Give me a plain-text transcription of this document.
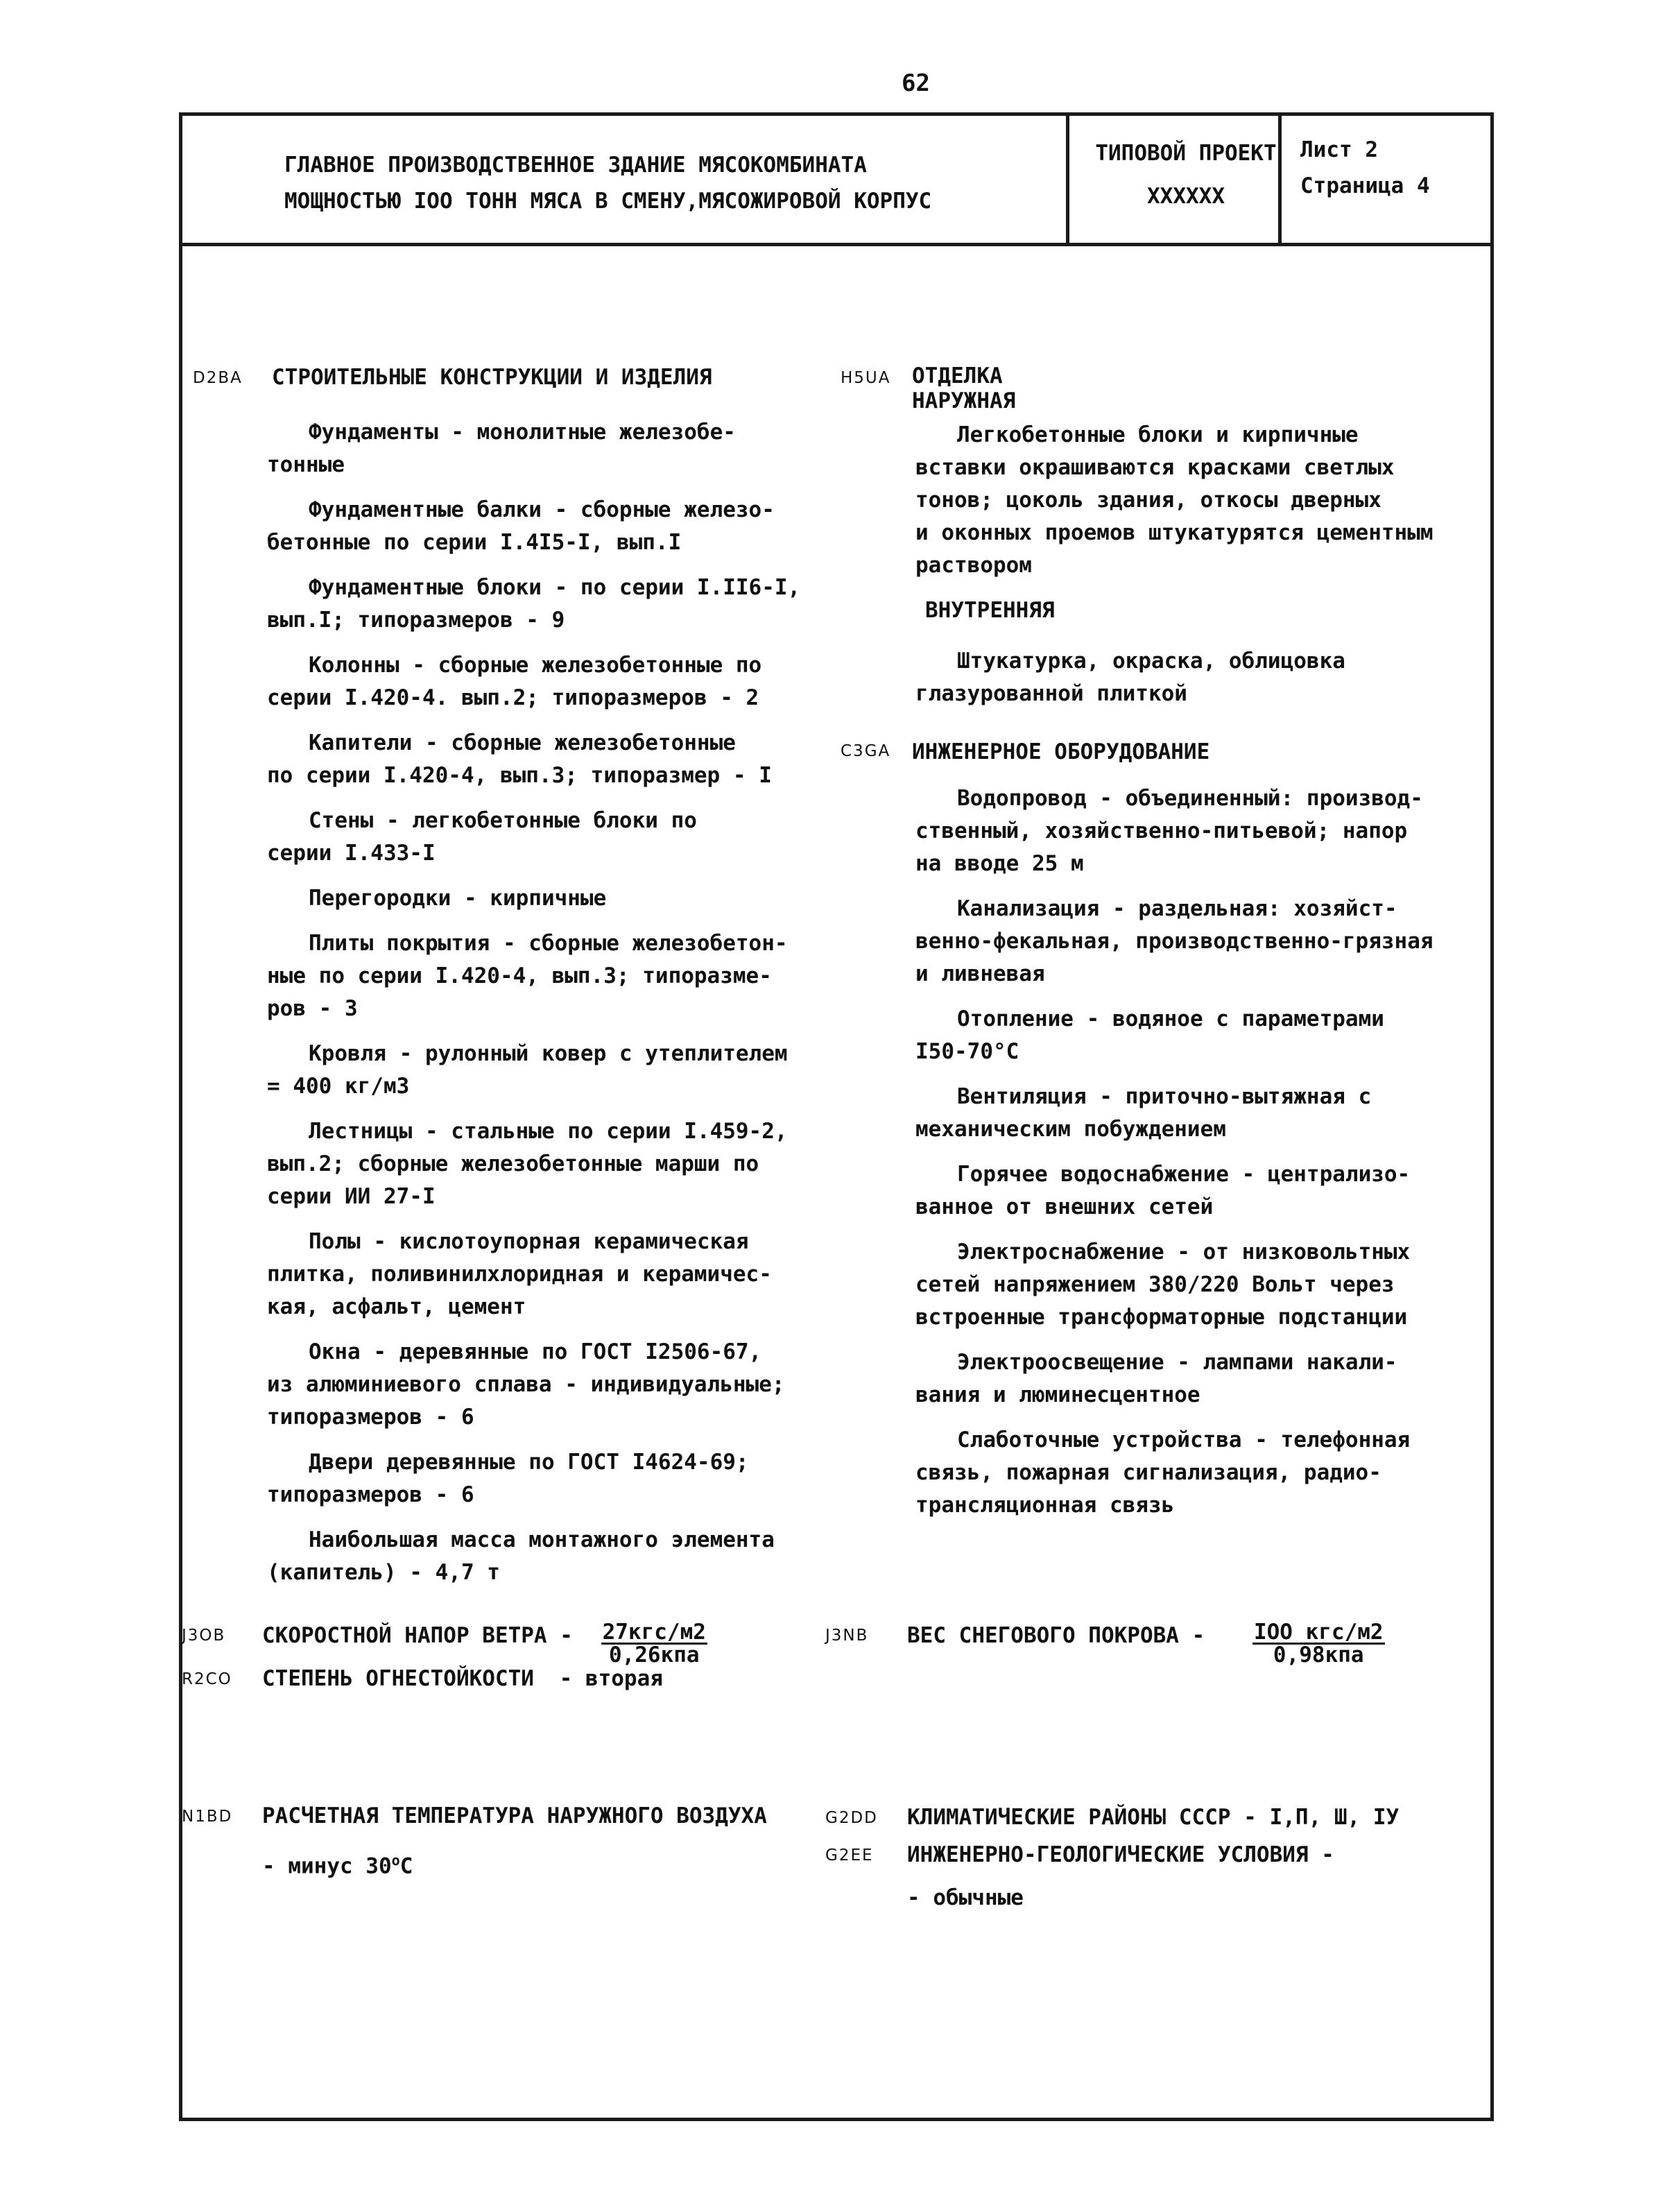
62
ГЛАВНОЕ ПРОИЗВОДСТВЕННОЕ ЗДАНИЕ МЯСОКОМБИНАТА
МОЩНОСТЬЮ IOO ТОНН МЯСА В СМЕНУ,МЯСОЖИРОВОЙ КОРПУС
ТИПОВОЙ ПРОЕКТ
XXXXXX
Лист 2
Страница 4
D2BA СТРОИТЕЛЬНЫЕ КОНСТРУКЦИИ И ИЗДЕЛИЯ

Фундаменты - монолитные железобе-
тонные

Фундаментные балки - сборные железо-
бетонные по серии I.4I5-I, вып.I

Фундаментные блоки - по серии I.II6-I,
вып.I; типоразмеров - 9

Колонны - сборные железобетонные по
серии I.420-4. вып.2; типоразмеров - 2

Капители - сборные железобетонные
по серии I.420-4, вып.3; типоразмер - I

Стены - легкобетонные блоки по
серии I.433-I

Перегородки - кирпичные

Плиты покрытия - сборные железобетон-
ные по серии I.420-4, вып.3; типоразме-
ров - 3

Кровля - рулонный ковер с утеплителем
= 400 кг/м3

Лестницы - стальные по серии I.459-2,
вып.2; сборные железобетонные марши по
серии ИИ 27-I

Полы - кислотоупорная керамическая
плитка, поливинилхлоридная и керамичес-
кая, асфальт, цемент

Окна - деревянные по ГОСТ I2506-67,
из алюминиевого сплава - индивидуальные;
типоразмеров - 6

Двери деревянные по ГОСТ I4624-69;
типоразмеров - 6

Наибольшая масса монтажного элемента
(капитель) - 4,7 т

H5UA ОТДЕЛКА
НАРУЖНАЯ

Легкобетонные блоки и кирпичные
вставки окрашиваются красками светлых
тонов; цоколь здания, откосы дверных
и оконных проемов штукатурятся цементным
раствором

ВНУТРЕННЯЯ

Штукатурка, окраска, облицовка
глазурованной плиткой

C3GA ИНЖЕНЕРНОЕ ОБОРУДОВАНИЕ

Водопровод - объединенный: производ-
ственный, хозяйственно-питьевой; напор
на вводе 25 м

Канализация - раздельная: хозяйст-
венно-фекальная, производственно-грязная
и ливневая

Отопление - водяное с параметрами
I50-70°C

Вентиляция - приточно-вытяжная с
механическим побуждением

Горячее водоснабжение - централизо-
ванное от внешних сетей

Электроснабжение - от низковольтных
сетей напряжением 380/220 Вольт через
встроенные трансформаторные подстанции

Электроосвещение - лампами накали-
вания и люминесцентное

Слаботочные устройства - телефонная
связь, пожарная сигнализация, радио-
трансляционная связь

J3OB СКОРОСТНОЙ НАПОР ВЕТРА - $\frac{\text{27кгс/м2}}{\text{0,26кпа}}$
R2CO СТЕПЕНЬ ОГНЕСТОЙКОСТИ - вторая
J3NB ВЕС СНЕГОВОГО ПОКРОВА - $\frac{\text{IOO кгс/м2}}{\text{0,98кпа}}$
N1BD РАСЧЕТНАЯ ТЕМПЕРАТУРА НАРУЖНОГО ВОЗДУХА
- минус 30$^o$C
G2DD КЛИМАТИЧЕСКИЕ РАЙОНЫ СССР - I,П, Ш, IУ
G2EE ИНЖЕНЕРНО-ГЕОЛОГИЧЕСКИЕ УСЛОВИЯ -
- обычные
